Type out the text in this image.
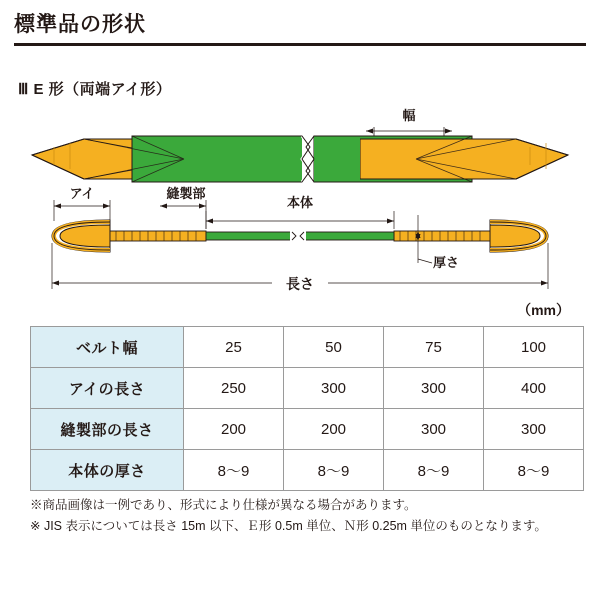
標準品の形状
Ⅲ E 形（両端アイ形）
幅
アイ	縫製部
本体
厚さ
長さ
（mm）
ベルト幅	25	50	75	100
アイの長さ	250	300	300	400
縫製部の長さ	200	200	300	300
本体の厚さ	8～9	8～9	8～9	8～9
※商品画像は一例であり、形式により仕様が異なる場合があります。
※ JIS 表示については長さ 15m 以下、Ｅ形 0.5m 単位、Ｎ形 0.25m 単位のものとなります。
